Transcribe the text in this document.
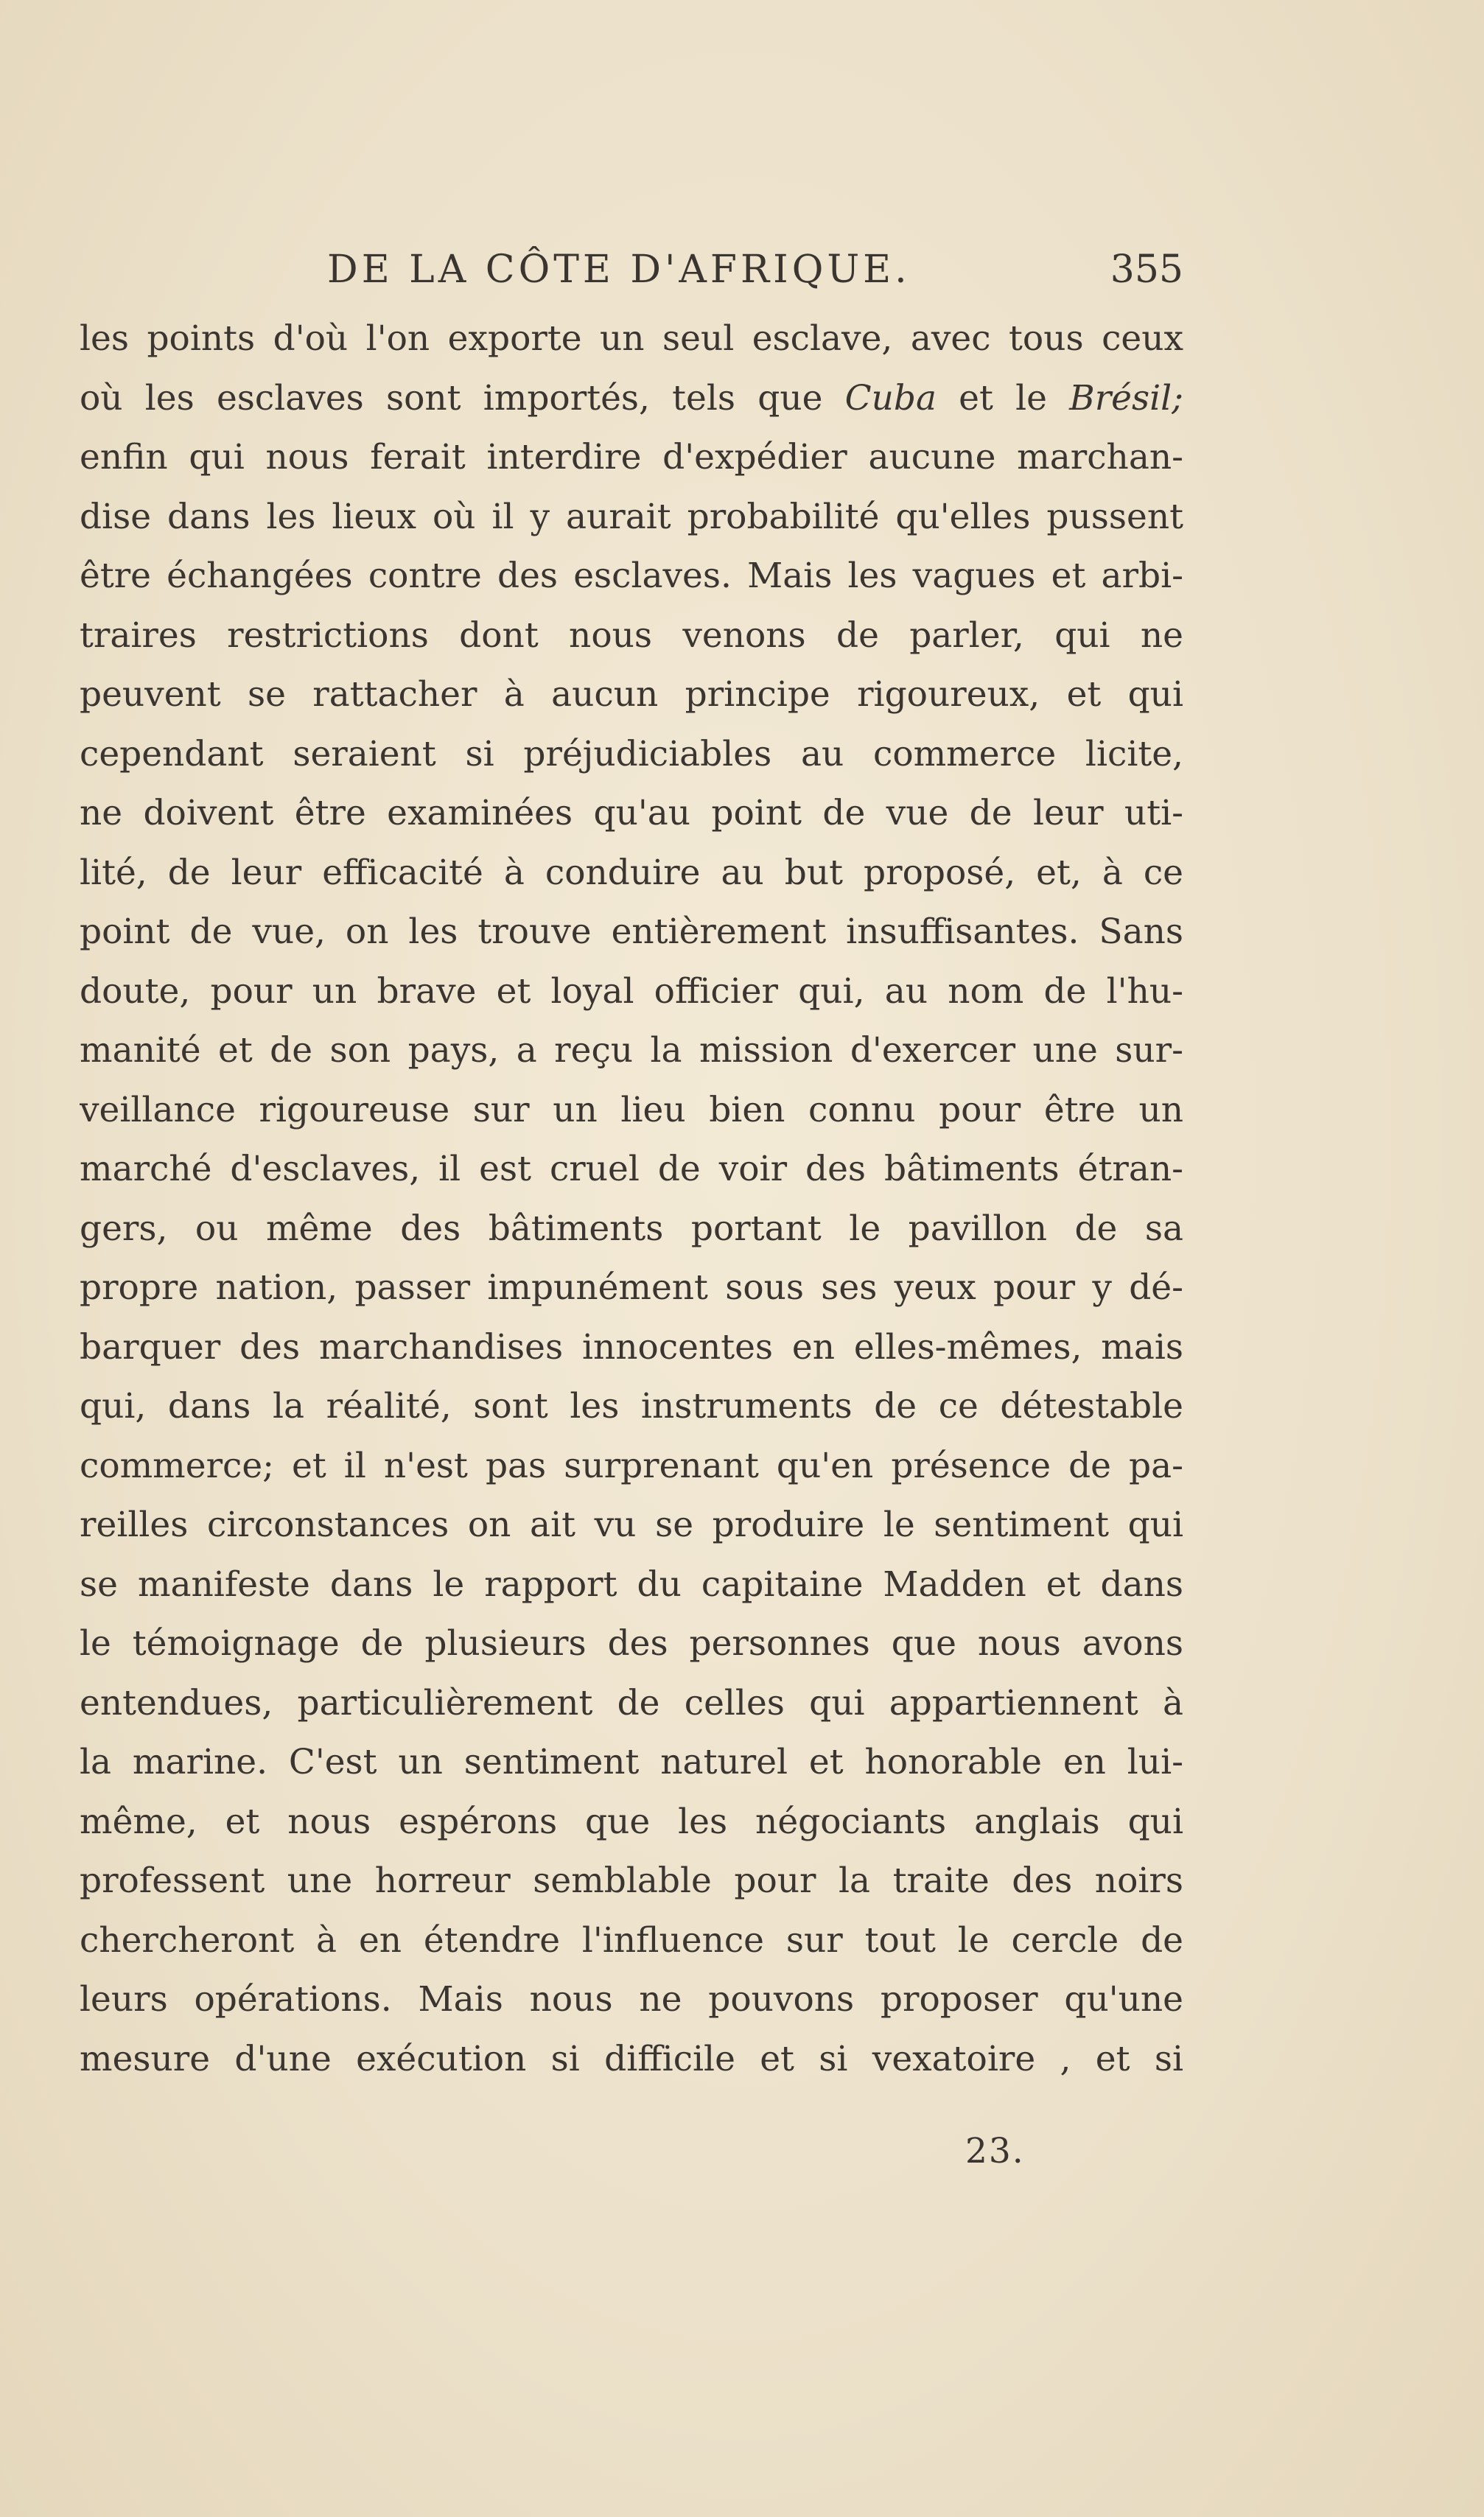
DE LA CÔTE D'AFRIQUE.	355
les points d'où l'on exporte un seul esclave, avec tous ceux
où les esclaves sont importés, tels que Cuba et le Brésil;
enfin qui nous ferait interdire d'expédier aucune marchan-
dise dans les lieux où il y aurait probabilité qu'elles pussent
être échangées contre des esclaves. Mais les vagues et arbi-
traires restrictions dont nous venons de parler, qui ne
peuvent se rattacher à aucun principe rigoureux, et qui
cependant seraient si préjudiciables au commerce licite,
ne doivent être examinées qu'au point de vue de leur uti-
lité, de leur efficacité à conduire au but proposé, et, à ce
point de vue, on les trouve entièrement insuffisantes. Sans
doute, pour un brave et loyal officier qui, au nom de l'hu-
manité et de son pays, a reçu la mission d'exercer une sur-
veillance rigoureuse sur un lieu bien connu pour être un
marché d'esclaves, il est cruel de voir des bâtiments étran-
gers, ou même des bâtiments portant le pavillon de sa
propre nation, passer impunément sous ses yeux pour y dé-
barquer des marchandises innocentes en elles-mêmes, mais
qui, dans la réalité, sont les instruments de ce détestable
commerce; et il n'est pas surprenant qu'en présence de pa-
reilles circonstances on ait vu se produire le sentiment qui
se manifeste dans le rapport du capitaine Madden et dans
le témoignage de plusieurs des personnes que nous avons
entendues, particulièrement de celles qui appartiennent à
la marine. C'est un sentiment naturel et honorable en lui-
même, et nous espérons que les négociants anglais qui
professent une horreur semblable pour la traite des noirs
chercheront à en étendre l'influence sur tout le cercle de
leurs opérations. Mais nous ne pouvons proposer qu'une
mesure d'une exécution si difficile et si vexatoire , et si
23.
